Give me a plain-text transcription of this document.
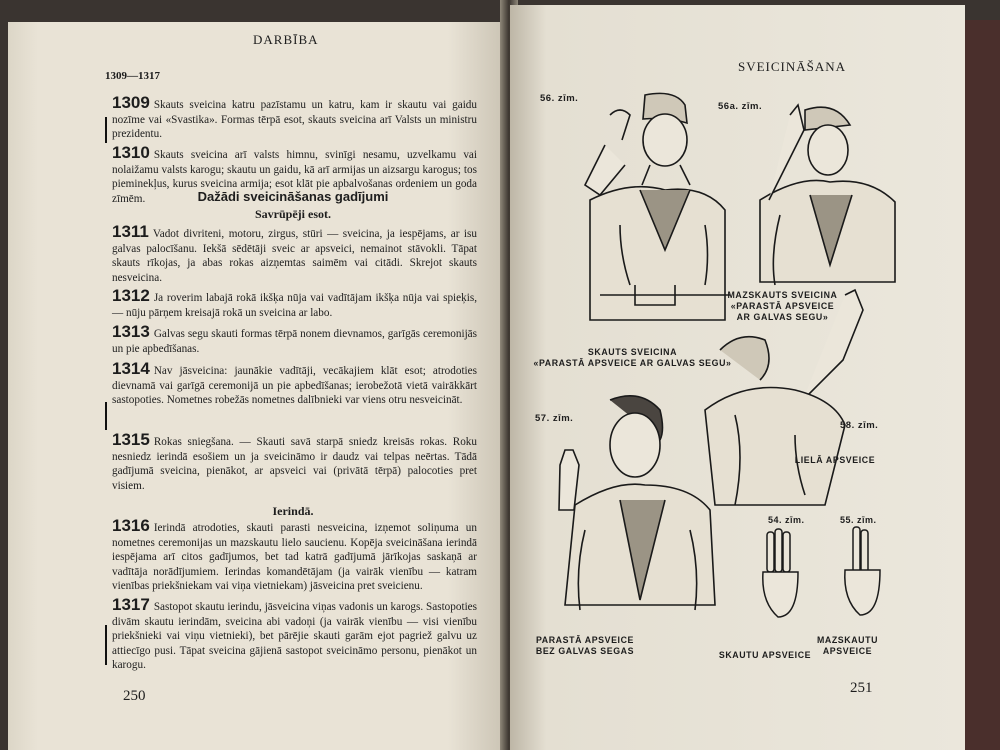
DARBĪBA
1309—1317
1309 Skauts sveicina katru pazīstamu un katru, kam ir skautu vai gaidu nozīme vai «Svastika». Formas tērpā esot, skauts sveicina arī Valsts un ministru prezidentu.
1310 Skauts sveicina arī valsts himnu, svinīgi nesamu, uzvelkamu vai nolaižamu valsts karogu; skautu un gaidu, kā arī armijas un aizsargu karogus; tos pieminekļus, kurus sveicina armija; esot klāt pie apbalvošanas ordeniem un goda zīmēm.	Dažādi sveicināšanas gadījumi
Savrūpēji esot.
1311 Vadot divriteni, motoru, zirgus, stūri — sveicina, ja iespējams, ar isu galvas palocīšanu. Iekšā sēdētāji sveic ar apsveici, nemainot stāvokli. Tāpat skauts rīkojas, ja abas rokas aizņemtas saimēm vai citādi. Skrejot skauts nesveicina.
1312 Ja roverim labajā rokā ikšķa nūja vai vadītājam ikšķa nūja vai spieķis, — nūju pārņem kreisajā rokā un sveicina ar labo.
1313 Galvas segu skauti formas tērpā nonem dievnamos, garīgās ceremonijās un pie apbedīšanas.
1314 Nav jāsveicina: jaunākie vadītāji, vecākajiem klāt esot; atrodoties dievnamā vai garīgā ceremonijā un pie apbedīšanas; ierobežotā vietā vairākkārt sastopoties. Nometnes robežās nometnes dalībnieki var viens otru nesveicināt.
1315 Rokas sniegšana. — Skauti savā starpā sniedz kreisās rokas. Roku nesniedz ierindā esošiem un ja sveicināmo ir daudz vai telpas neērtas. Tādā gadījumā sveicina, pienākot, ar apsveici vai (privātā tērpā) palocoties pret visiem.
Ierindā.
1316 Ierindā atrodoties, skauti parasti nesveicina, izņemot soliņuma un nometnes ceremonijas un mazskautu lielo saucienu. Kopēja sveicināšana ierindā iespējama arī citos gadījumos, bet tad katrā gadījumā jārīkojas saskaņā ar vadītāja norādījumiem. Ierindas komandētājam (ja vairāk vienību — katram vienības priekšniekam vai viņa vietniekam) jāsveicina pret sveicienu.
1317 Sastopot skautu ierindu, jāsveicina viņas vadonis un karogs. Sastopoties divām skautu ierindām, sveicina abi vadoņi (ja vairāk vienību — visi vienību priekšnieki vai viņu vietnieki), bet pārējie skauti garām ejot pagriež galvu uz attiecīgo pusi. Tāpat sveicina gājienā sastopot sveicināmo personu, pienākot un karogu.
250
SVEICINĀŠANA
56. zīm.
56a. zīm.
MAZSKAUTS SVEICINA
«PARASTĀ APSVEICE
AR GALVAS SEGU»
SKAUTS SVEICINA
«PARASTĀ APSVEICE AR GALVAS SEGU»
58. zīm.
LIELĀ APSVEICE
57. zīm.
PARASTĀ APSVEICE
BEZ GALVAS SEGAS
54. zīm.	55. zīm.
SKAUTU APSVEICE
MAZSKAUTU
APSVEICE
251
